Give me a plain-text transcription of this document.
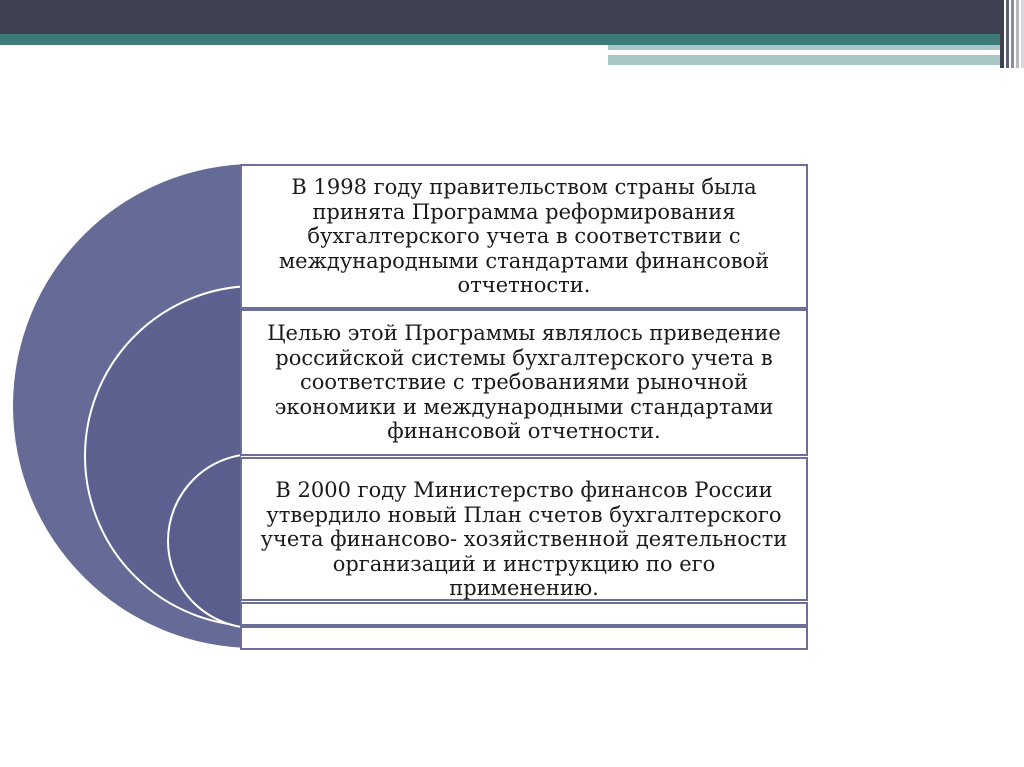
В 1998 году правительством страны была
принята Программа реформирования
бухгалтерского учета в соответствии с
международными стандартами финансовой
отчетности.
Целью этой Программы являлось приведение
российской системы бухгалтерского учета в
соответствие с требованиями рыночной
экономики и международными стандартами
финансовой отчетности.
В 2000 году Министерство финансов России
утвердило новый План счетов бухгалтерского
учета финансово- хозяйственной деятельности
организаций и инструкцию по его применению.
